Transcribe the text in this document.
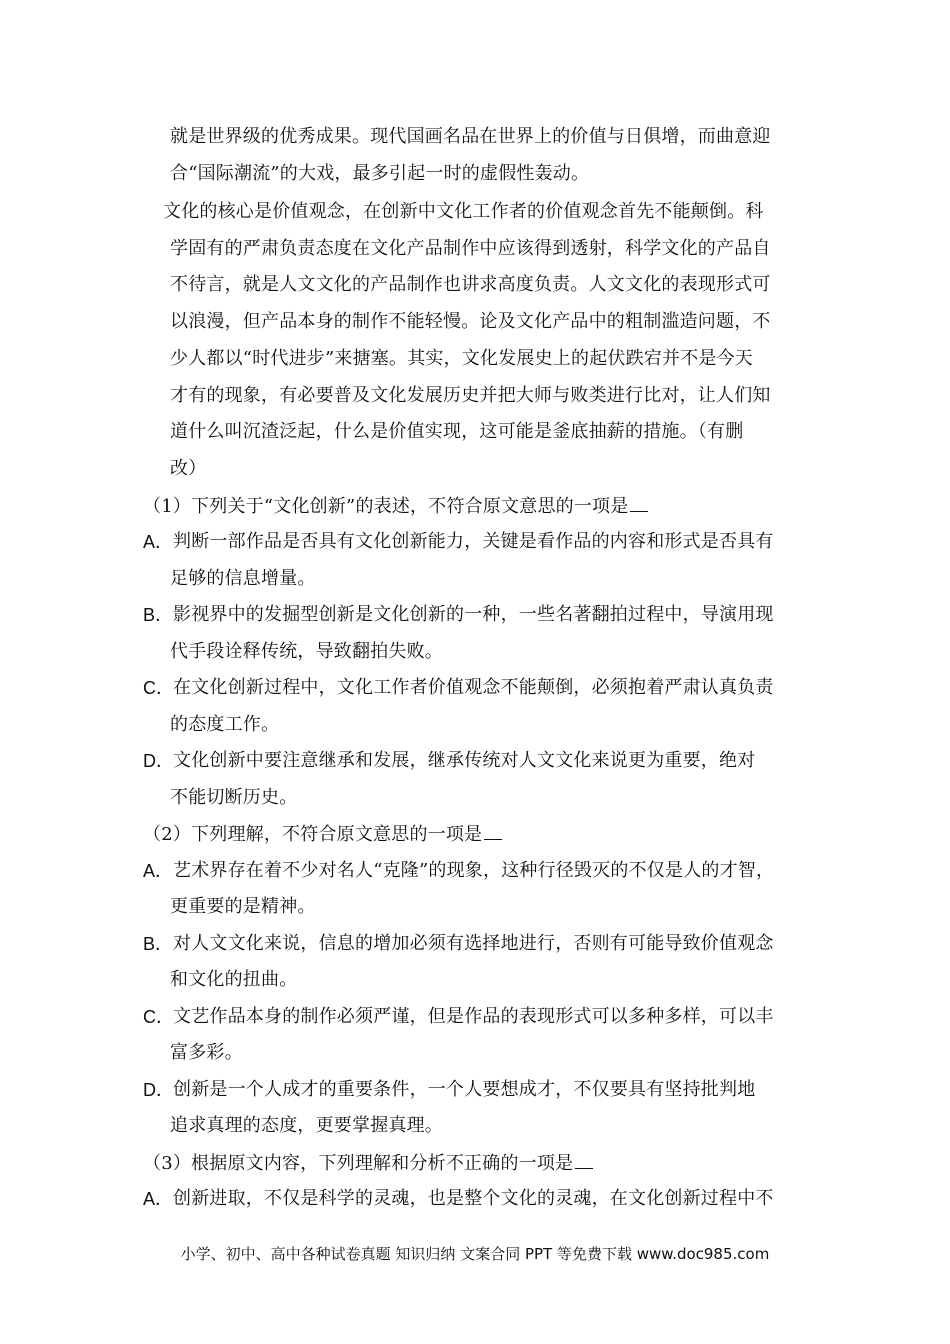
就是世界级的优秀成果。现代国画名品在世界上的价值与日俱增，而曲意迎
合“国际潮流”的大戏，最多引起一时的虚假性轰动。
文化的核心是价值观念，在创新中文化工作者的价值观念首先不能颠倒。科
学固有的严肃负责态度在文化产品制作中应该得到透射，科学文化的产品自
不待言，就是人文文化的产品制作也讲求高度负责。人文文化的表现形式可
以浪漫，但产品本身的制作不能轻慢。论及文化产品中的粗制滥造问题，不
少人都以“时代进步”来搪塞。其实，文化发展史上的起伏跌宕并不是今天
才有的现象，有必要普及文化发展历史并把大师与败类进行比对，让人们知
道什么叫沉渣泛起，什么是价值实现，这可能是釜底抽薪的措施。（有删
改）
（1）下列关于“文化创新”的表述，不符合原文意思的一项是
A． 判断一部作品是否具有文化创新能力，关键是看作品的内容和形式是否具有
足够的信息增量。
B． 影视界中的发掘型创新是文化创新的一种，一些名著翻拍过程中，导演用现
代手段诠释传统，导致翻拍失败。
C． 在文化创新过程中，文化工作者价值观念不能颠倒，必须抱着严肃认真负责
的态度工作。
D． 文化创新中要注意继承和发展，继承传统对人文文化来说更为重要，绝对
不能切断历史。
（2）下列理解，不符合原文意思的一项是
A． 艺术界存在着不少对名人“克隆”的现象，这种行径毁灭的不仅是人的才智，
更重要的是精神。
B． 对人文文化来说，信息的增加必须有选择地进行，否则有可能导致价值观念
和文化的扭曲。
C． 文艺作品本身的制作必须严谨，但是作品的表现形式可以多种多样，可以丰
富多彩。
D． 创新是一个人成才的重要条件，一个人要想成才，不仅要具有坚持批判地
追求真理的态度，更要掌握真理。
（3）根据原文内容，下列理解和分析不正确的一项是
A． 创新进取，不仅是科学的灵魂，也是整个文化的灵魂，在文化创新过程中不
小学、初中、高中各种试卷真题 知识归纳 文案合同 PPT 等免费下载 www.doc985.com
